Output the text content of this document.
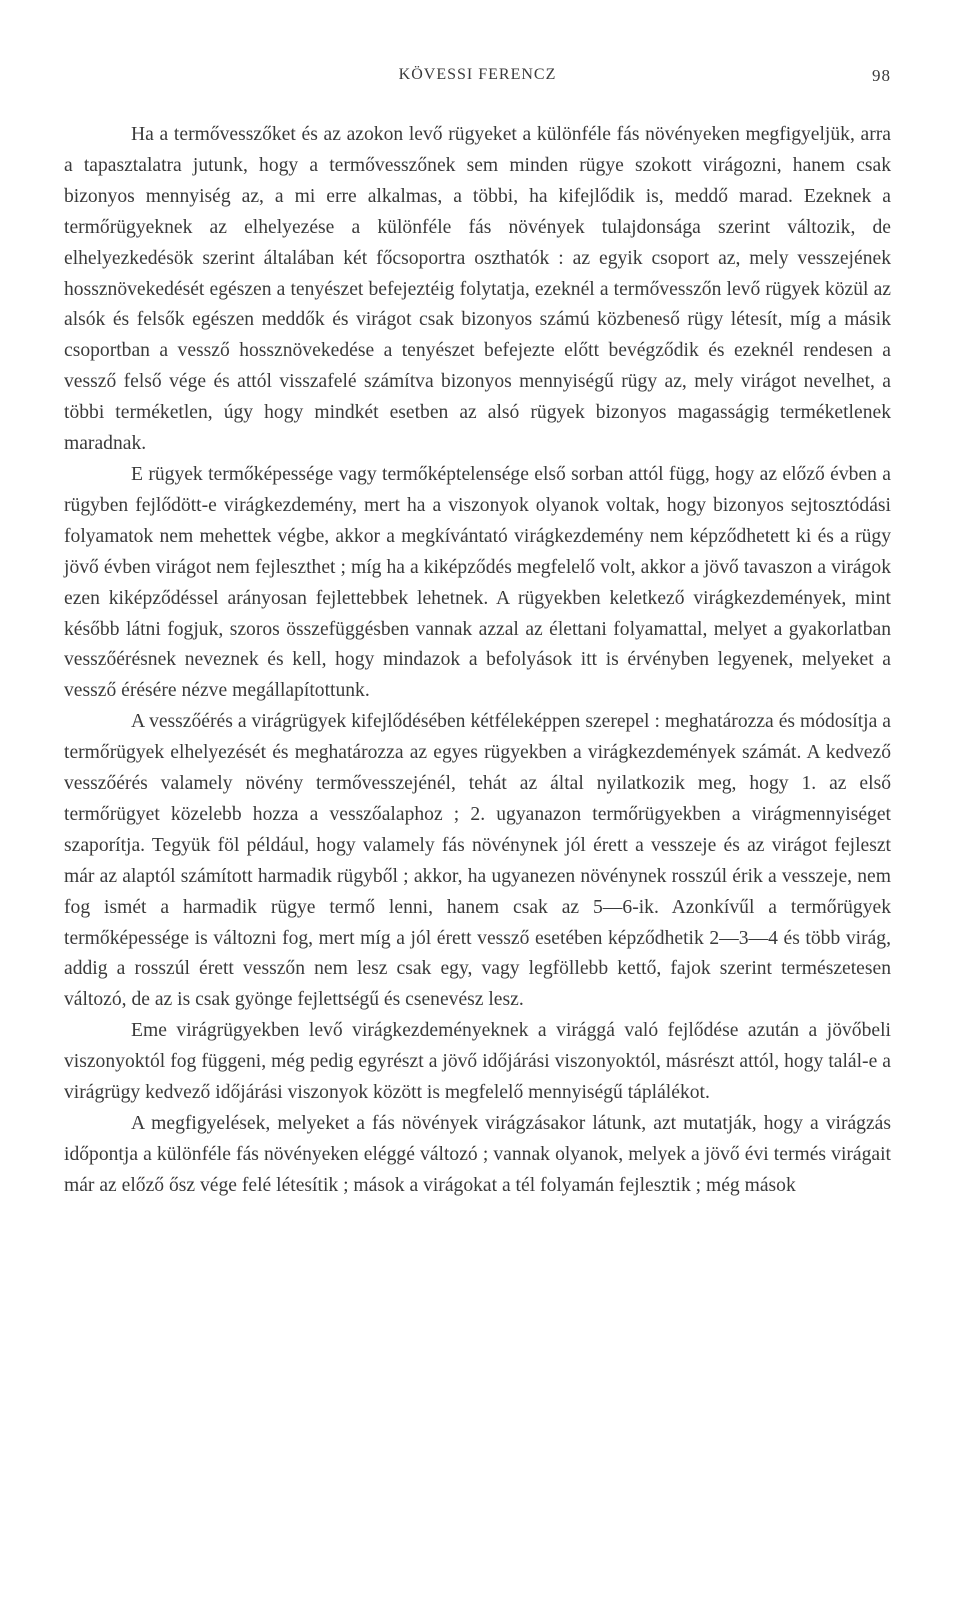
KÖVESSI FERENCZ	98

Ha a termővesszőket és az azokon levő rügyeket a különféle fás növényeken megfigyeljük, arra a tapasztalatra jutunk, hogy a termővesszőnek sem minden rügye szokott virágozni, hanem csak bizonyos mennyiség az, a mi erre alkalmas, a többi, ha kifejlődik is, meddő marad. Ezeknek a termőrügyeknek az elhelyezése a különféle fás növények tulajdonsága szerint változik, de elhelyezkedésök szerint általában két főcsoportra oszthatók : az egyik csoport az, mely vesszejének hossznövekedését egészen a tenyészet befejeztéig folytatja, ezeknél a termővesszőn levő rügyek közül az alsók és felsők egészen meddők és virágot csak bizonyos számú közbeneső rügy létesít, míg a másik csoportban a vessző hossznövekedése a tenyészet befejezte előtt bevégződik és ezeknél rendesen a vessző felső vége és attól visszafelé számítva bizonyos mennyiségű rügy az, mely virágot nevelhet, a többi terméketlen, úgy hogy mindkét esetben az alsó rügyek bizonyos magasságig terméketlenek maradnak.

E rügyek termőképessége vagy termőképtelensége első sorban attól függ, hogy az előző évben a rügyben fejlődött-e virágkezdemény, mert ha a viszonyok olyanok voltak, hogy bizonyos sejtosztódási folyamatok nem mehettek végbe, akkor a megkívántató virágkezdemény nem képződhetett ki és a rügy jövő évben virágot nem fejleszthet ; míg ha a kiképződés megfelelő volt, akkor a jövő tavaszon a virágok ezen kiképződéssel arányosan fejlettebbek lehetnek. A rügyekben keletkező virágkezdemények, mint később látni fogjuk, szoros összefüggésben vannak azzal az élettani folyamattal, melyet a gyakorlatban vesszőérésnek neveznek és kell, hogy mindazok a befolyások itt is érvényben legyenek, melyeket a vessző érésére nézve megállapítottunk.

A vesszőérés a virágrügyek kifejlődésében kétféleképpen szerepel : meghatározza és módosítja a termőrügyek elhelyezését és meghatározza az egyes rügyekben a virágkezdemények számát. A kedvező vesszőérés valamely növény termővesszejénél, tehát az által nyilatkozik meg, hogy 1. az első termőrügyet közelebb hozza a vesszőalaphoz ; 2. ugyanazon termőrügyekben a virágmennyiséget szaporítja. Tegyük föl például, hogy valamely fás növénynek jól érett a vesszeje és az virágot fejleszt már az alaptól számított harmadik rügyből ; akkor, ha ugyanezen növénynek rosszúl érik a vesszeje, nem fog ismét a harmadik rügye termő lenni, hanem csak az 5—6-ik. Azonkívűl a termőrügyek termőképessége is változni fog, mert míg a jól érett vessző esetében képződhetik 2—3—4 és több virág, addig a rosszúl érett vesszőn nem lesz csak egy, vagy legföllebb kettő, fajok szerint természetesen változó, de az is csak gyönge fejlettségű és csenevész lesz.

Eme virágrügyekben levő virágkezdeményeknek a virággá való fejlődése azután a jövőbeli viszonyoktól fog függeni, még pedig egyrészt a jövő időjárási viszonyoktól, másrészt attól, hogy talál-e a virágrügy kedvező időjárási viszonyok között is megfelelő mennyiségű táplálékot.

A megfigyelések, melyeket a fás növények virágzásakor látunk, azt mutatják, hogy a virágzás időpontja a különféle fás növényeken eléggé változó ; vannak olyanok, melyek a jövő évi termés virágait már az előző ősz vége felé létesítik ; mások a virágokat a tél folyamán fejlesztik ; még mások
